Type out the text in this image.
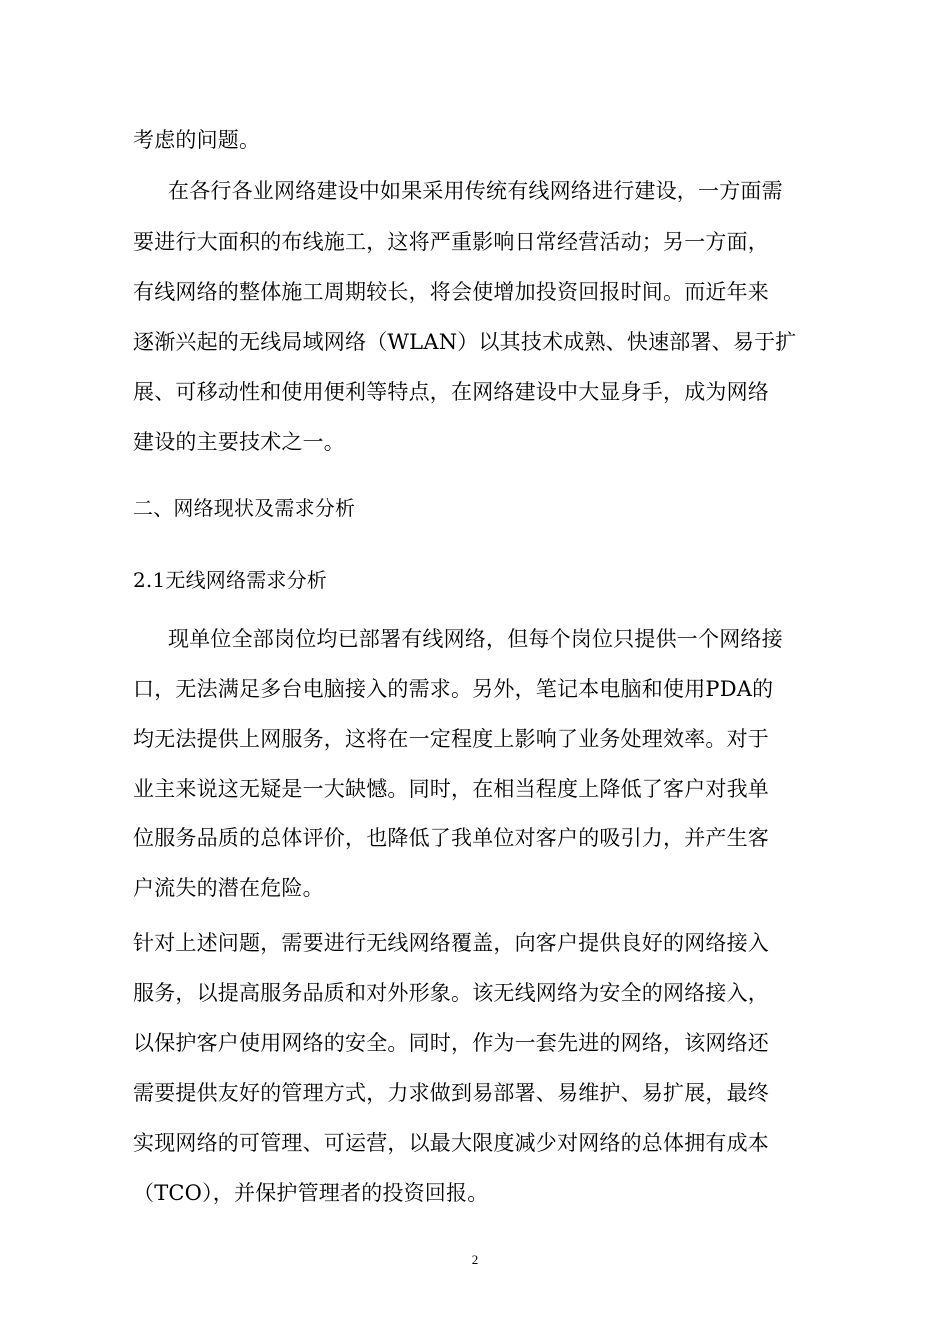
考虑的问题。
在各行各业网络建设中如果采用传统有线网络进行建设，一方面需
要进行大面积的布线施工，这将严重影响日常经营活动；另一方面，
有线网络的整体施工周期较长，将会使增加投资回报时间。而近年来
逐渐兴起的无线局域网络（WLAN）以其技术成熟、快速部署、易于扩
展、可移动性和使用便利等特点，在网络建设中大显身手，成为网络
建设的主要技术之一。
二、网络现状及需求分析
2.1无线网络需求分析
现单位全部岗位均已部署有线网络，但每个岗位只提供一个网络接
口，无法满足多台电脑接入的需求。另外，笔记本电脑和使用PDA的
均无法提供上网服务，这将在一定程度上影响了业务处理效率。对于
业主来说这无疑是一大缺憾。同时，在相当程度上降低了客户对我单
位服务品质的总体评价，也降低了我单位对客户的吸引力，并产生客
户流失的潜在危险。
针对上述问题，需要进行无线网络覆盖，向客户提供良好的网络接入
服务，以提高服务品质和对外形象。该无线网络为安全的网络接入，
以保护客户使用网络的安全。同时，作为一套先进的网络，该网络还
需要提供友好的管理方式，力求做到易部署、易维护、易扩展，最终
实现网络的可管理、可运营，以最大限度减少对网络的总体拥有成本
（TCO），并保护管理者的投资回报。
2
